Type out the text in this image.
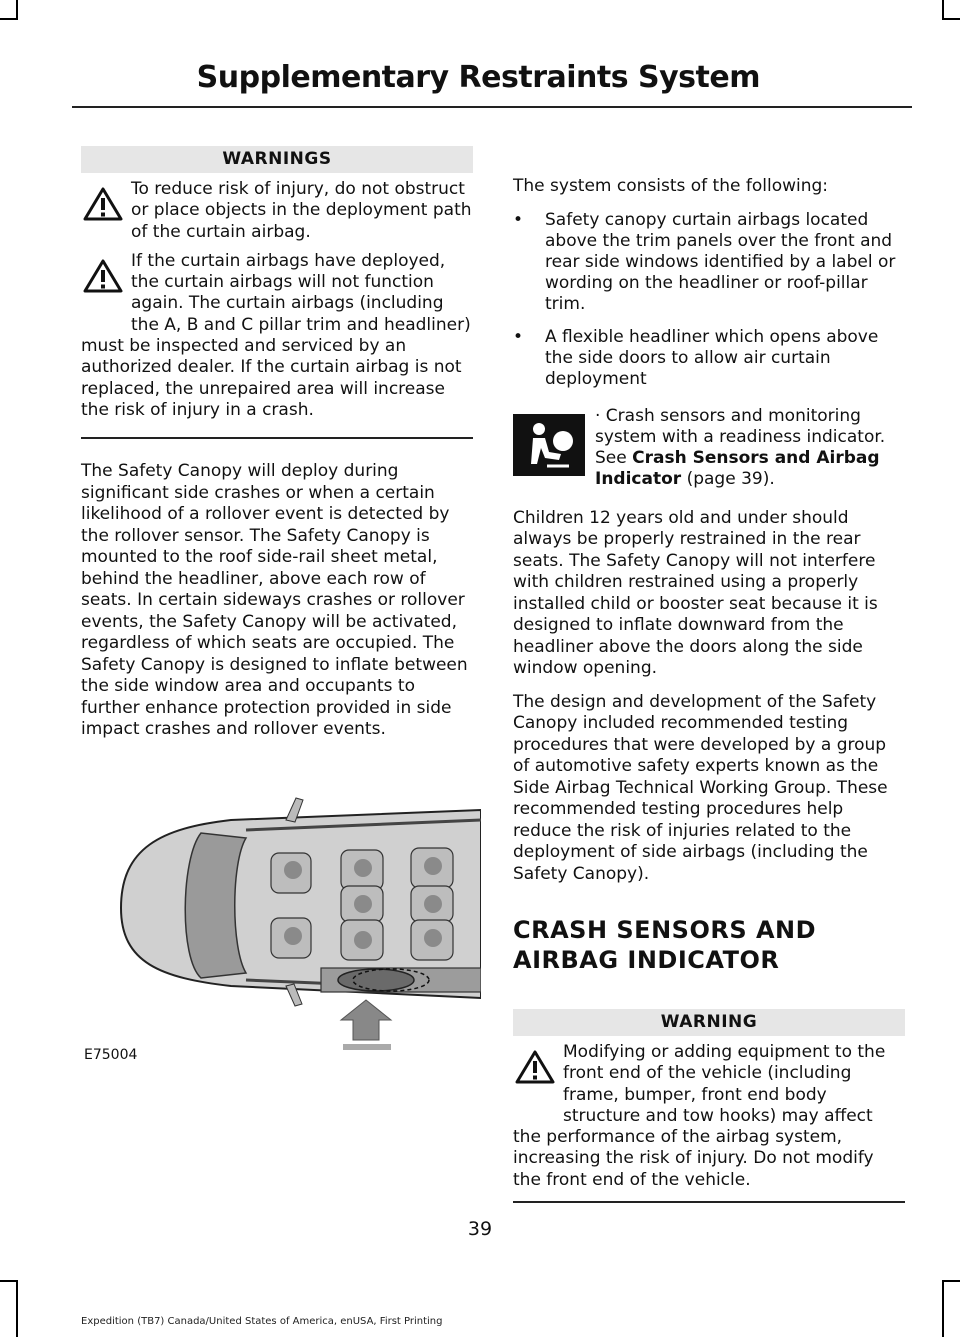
Supplementary Restraints System
WARNINGS
To reduce risk of injury, do not obstruct or place objects in the deployment path of the curtain airbag.
If the curtain airbags have deployed, the curtain airbags will not function again. The curtain airbags (including the A, B and C pillar trim and headliner) must be inspected and serviced by an authorized dealer. If the curtain airbag is not replaced, the unrepaired area will increase the risk of injury in a crash.

The Safety Canopy will deploy during significant side crashes or when a certain likelihood of a rollover event is detected by the rollover sensor. The Safety Canopy is mounted to the roof side-rail sheet metal, behind the headliner, above each row of seats. In certain sideways crashes or rollover events, the Safety Canopy will be activated, regardless of which seats are occupied. The Safety Canopy is designed to inflate between the side window area and occupants to further enhance protection provided in side impact crashes and rollover events.

E75004

The system consists of the following:

• Safety canopy curtain airbags located above the trim panels over the front and rear side windows identified by a label or wording on the headliner or roof-pillar trim.
• A flexible headliner which opens above the side doors to allow air curtain deployment
· Crash sensors and monitoring system with a readiness indicator. See Crash Sensors and Airbag Indicator (page 39).

Children 12 years old and under should always be properly restrained in the rear seats. The Safety Canopy will not interfere with children restrained using a properly installed child or booster seat because it is designed to inflate downward from the headliner above the doors along the side window opening.

The design and development of the Safety Canopy included recommended testing procedures that were developed by a group of automotive safety experts known as the Side Airbag Technical Working Group. These recommended testing procedures help reduce the risk of injuries related to the deployment of side airbags (including the Safety Canopy).

CRASH SENSORS AND
AIRBAG INDICATOR
WARNING
Modifying or adding equipment to the front end of the vehicle (including frame, bumper, front end body structure and tow hooks) may affect the performance of the airbag system, increasing the risk of injury. Do not modify the front end of the vehicle.
39
Expedition (TB7) Canada/United States of America, enUSA, First Printing
